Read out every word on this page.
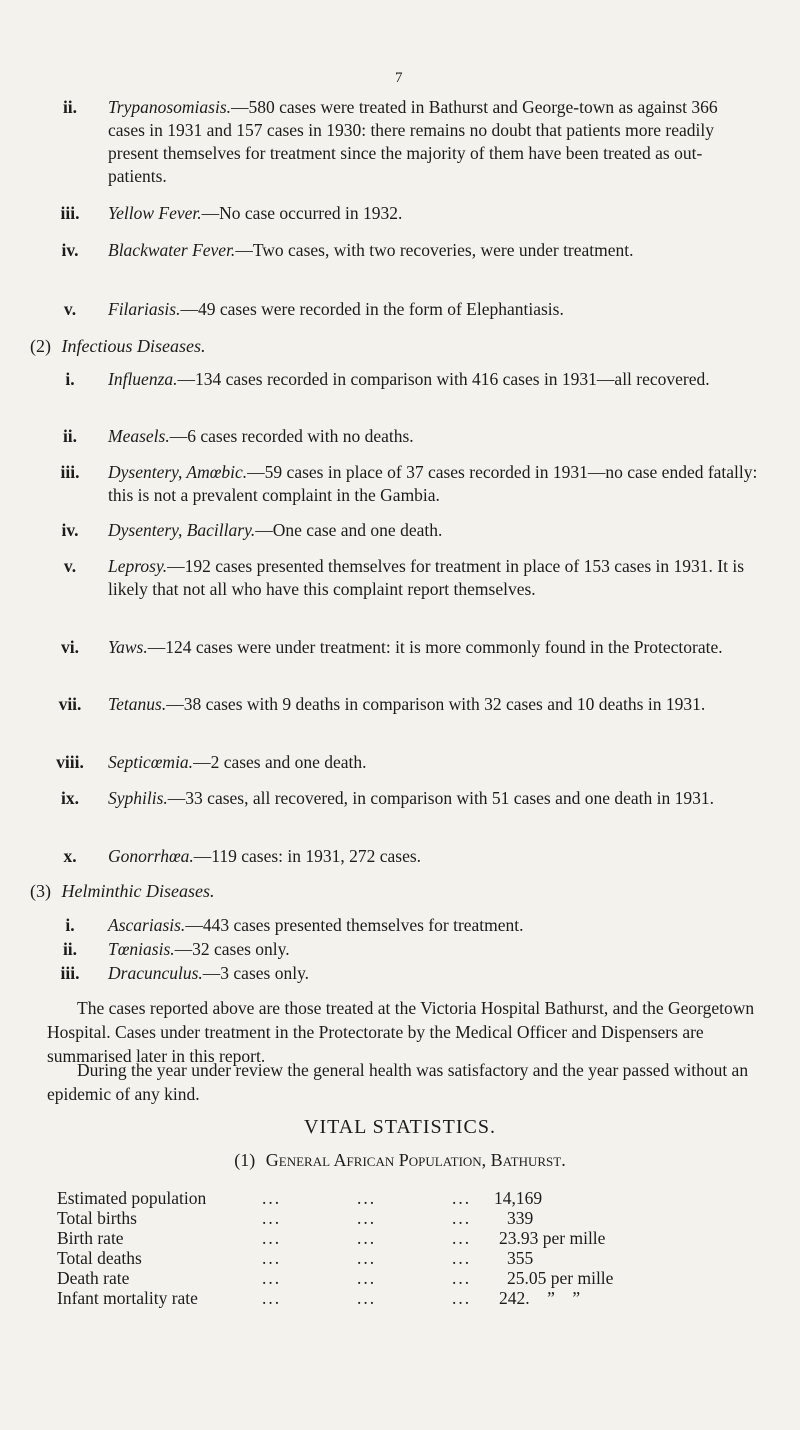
7
ii.	Trypanosomiasis.—580 cases were treated in Bathurst and George-town as against 366 cases in 1931 and 157 cases in 1930: there remains no doubt that patients more readily present themselves for treatment since the majority of them have been treated as out-patients.
iii.	Yellow Fever.—No case occurred in 1932.
iv.	Blackwater Fever.—Two cases, with two recoveries, were under treatment.
v.	Filariasis.—49 cases were recorded in the form of Elephantiasis.
(2) Infectious Diseases.
i.	Influenza.—134 cases recorded in comparison with 416 cases in 1931—all recovered.
ii.	Measels.—6 cases recorded with no deaths.
iii.	Dysentery, Amœbic.—59 cases in place of 37 cases recorded in 1931—no case ended fatally: this is not a prevalent complaint in the Gambia.
iv.	Dysentery, Bacillary.—One case and one death.
v.	Leprosy.—192 cases presented themselves for treatment in place of 153 cases in 1931. It is likely that not all who have this complaint report themselves.
vi.	Yaws.—124 cases were under treatment: it is more commonly found in the Protectorate.
vii.	Tetanus.—38 cases with 9 deaths in comparison with 32 cases and 10 deaths in 1931.
viii.	Septicœmia.—2 cases and one death.
ix.	Syphilis.—33 cases, all recovered, in comparison with 51 cases and one death in 1931.
x.	Gonorrhœa.—119 cases: in 1931, 272 cases.
(3) Helminthic Diseases.
i.	Ascariasis.—443 cases presented themselves for treatment.
ii.	Tœniasis.—32 cases only.
iii.	Dracunculus.—3 cases only.
The cases reported above are those treated at the Victoria Hospital Bathurst, and the Georgetown Hospital. Cases under treatment in the Protectorate by the Medical Officer and Dispensers are summarised later in this report.
During the year under review the general health was satisfactory and the year passed without an epidemic of any kind.
VITAL STATISTICS.
(1) General African Population, Bathurst.
Estimated population	...	...	... 14,169
Total births	...	...	... 339
Birth rate	...	...	... 23.93 per mille
Total deaths	...	...	... 355
Death rate	...	...	... 25.05 per mille
Infant mortality rate	...	...	... 242.    ”    ”
